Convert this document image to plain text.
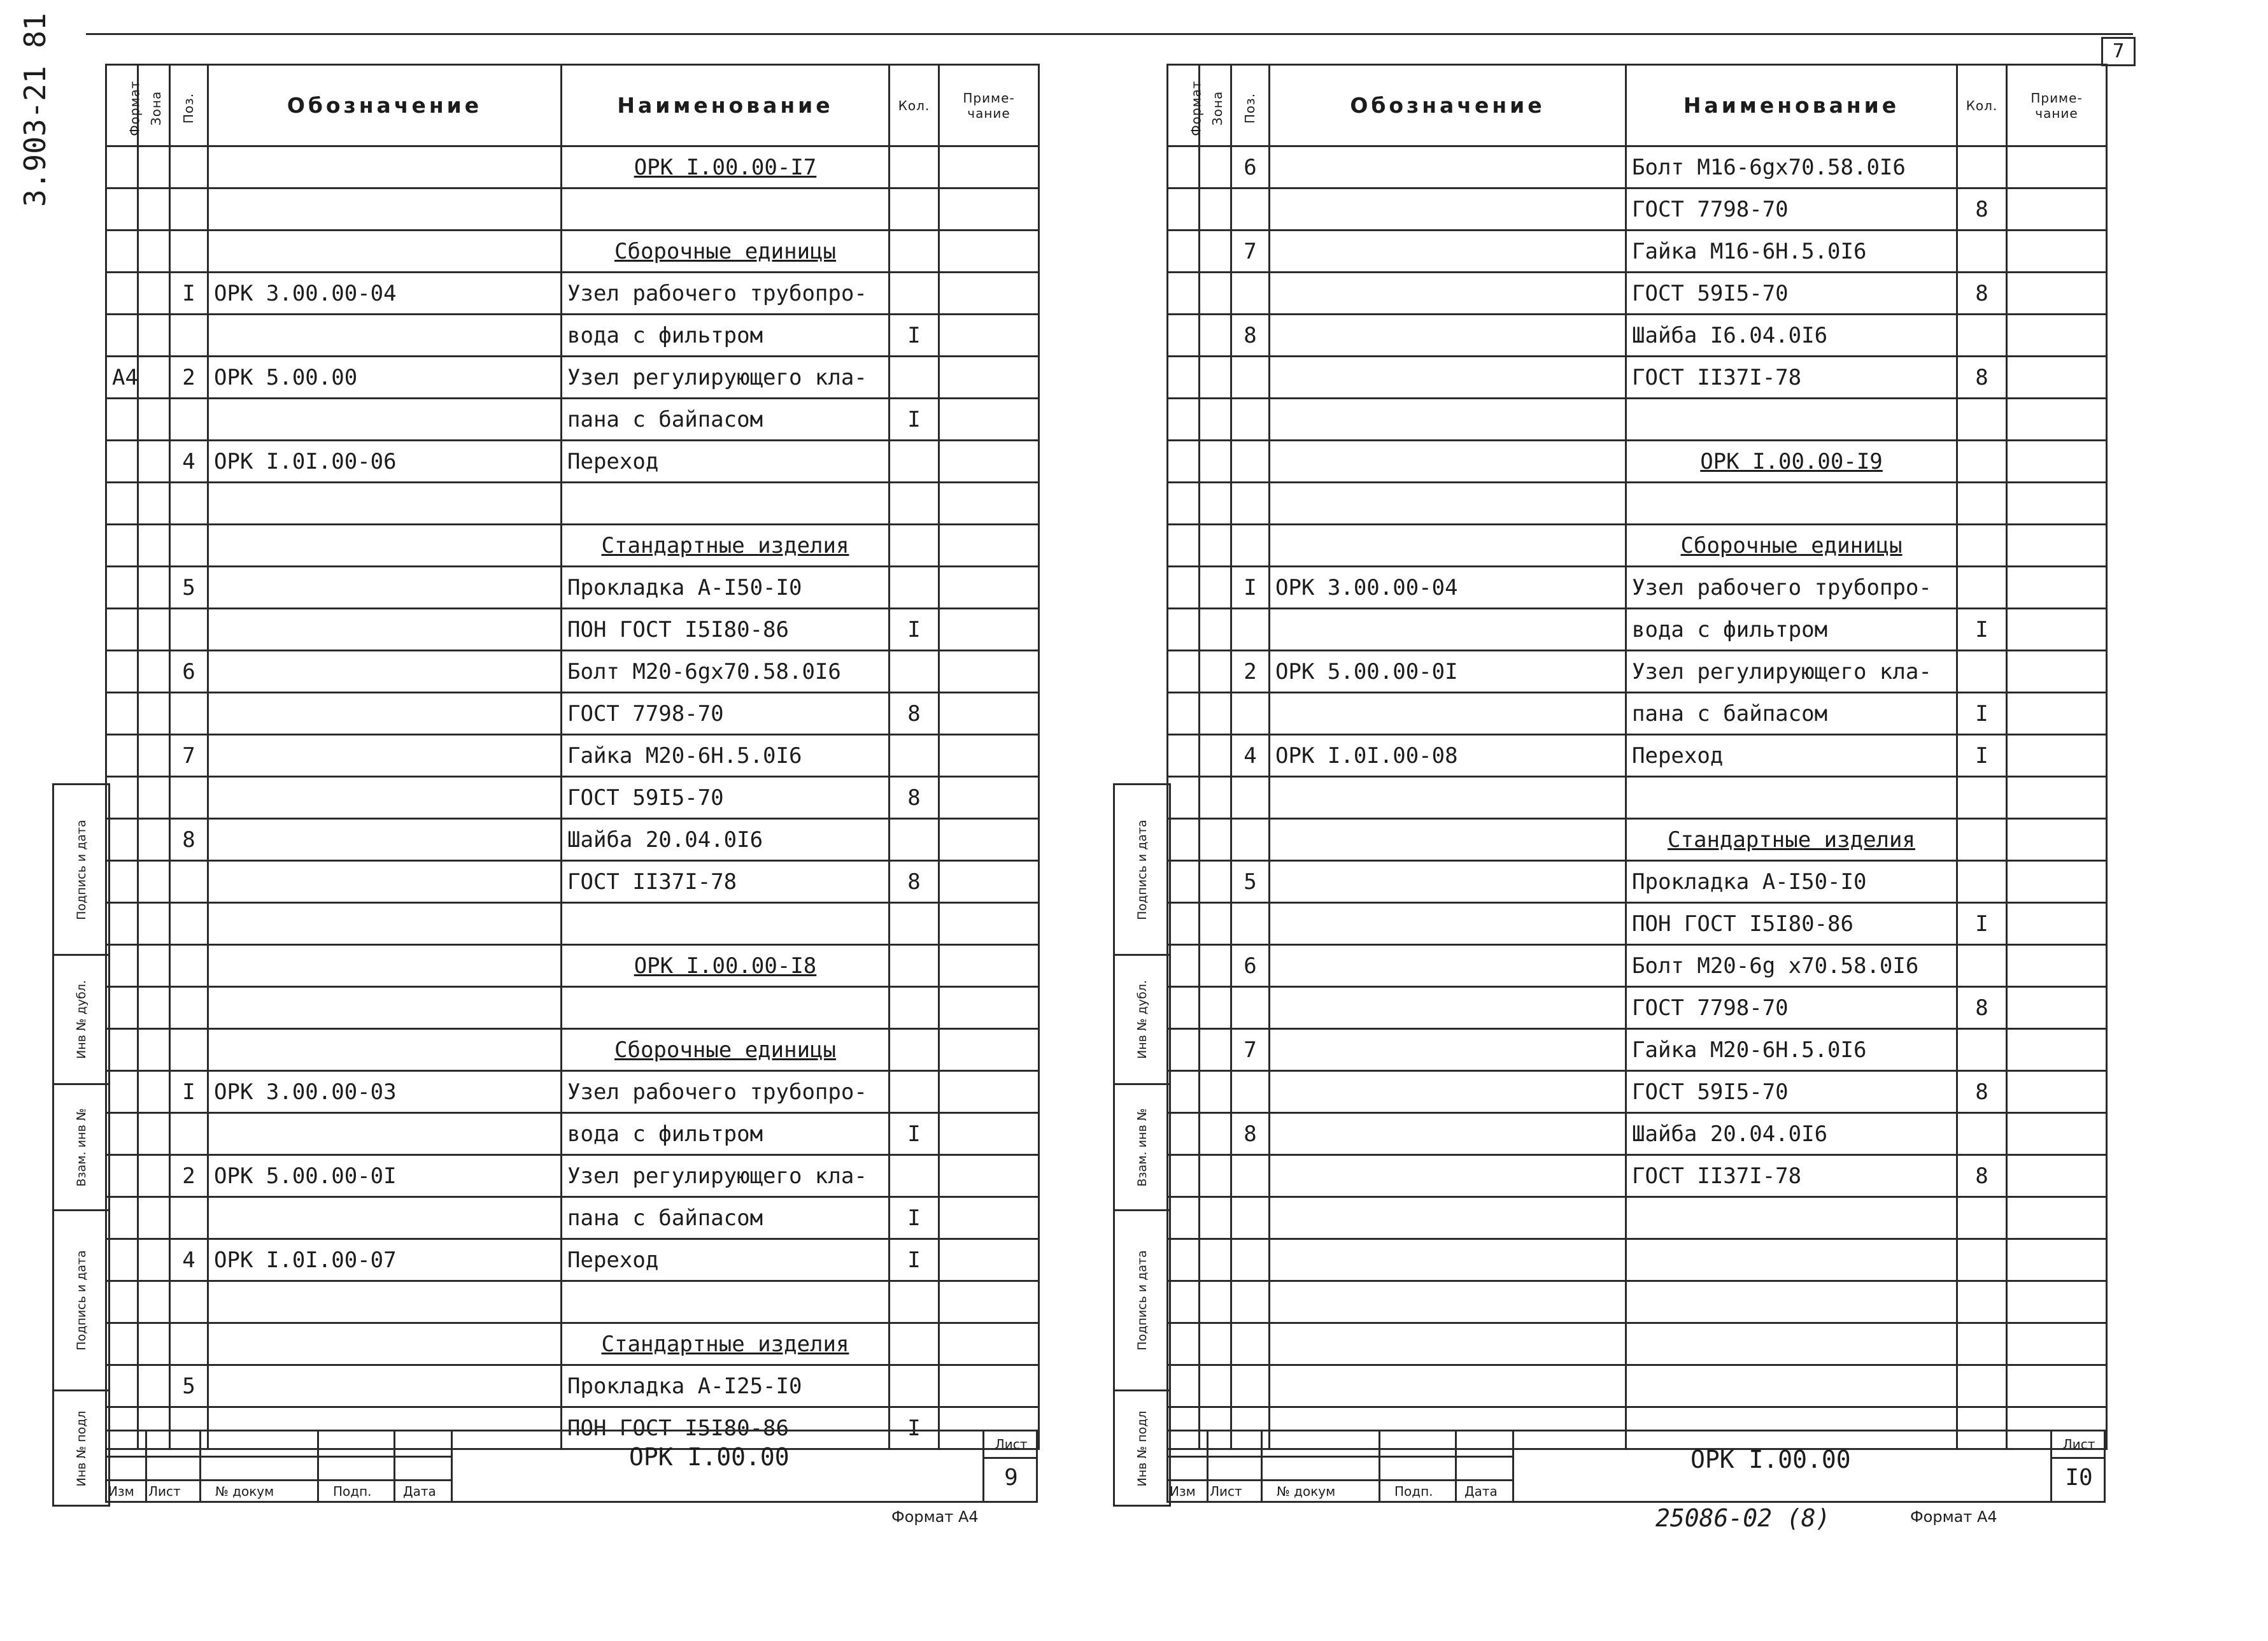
7
3.903-21 81
Подпись и дата
Инв № дубл.
Взам. инв №
Подпись и дата
Инв № подл
Подпись и дата
Инв № дубл.
Взам. инв №
Подпись и дата
Инв № подл
Формат	Зона	Поз.	Обозначение	Наименование	Кол.	Приме-чание
				ОРК I.00.00-I7		

				Сборочные единицы		
		I	ОРК 3.00.00-04	Узел рабочего трубопро-		
				вода с фильтром	I	
А4		2	ОРК 5.00.00	Узел регулирующего кла-		
				пана с байпасом	I	
		4	ОРК I.0I.00-06	Переход		

				Стандартные изделия		
		5		Прокладка А-I50-I0		
				ПОН ГОСТ I5I80-86	I	
		6		Болт М20-6gх70.58.0I6		
				ГОСТ 7798-70	8	
		7		Гайка М20-6Н.5.0I6		
				ГОСТ 59I5-70	8	
		8		Шайба 20.04.0I6		
				ГОСТ II37I-78	8	

				ОРК I.00.00-I8		

				Сборочные единицы		
		I	ОРК 3.00.00-03	Узел рабочего трубопро-		
				вода с фильтром	I	
		2	ОРК 5.00.00-0I	Узел регулирующего кла-		
				пана с байпасом	I	
		4	ОРК I.0I.00-07	Переход	I	

				Стандартные изделия		
		5		Прокладка А-I25-I0		
				ПОН ГОСТ I5I80-86	I	
Изм Лист	№ докум	Подп. Дата
ОРК I.00.00	Лист
9
Формат А4
Формат	Зона	Поз.	Обозначение	Наименование	Кол.	Приме-чание
		6		Болт М16-6gх70.58.0I6		
				ГОСТ 7798-70	8	
		7		Гайка М16-6Н.5.0I6		
				ГОСТ 59I5-70	8	
		8		Шайба I6.04.0I6		
				ГОСТ II37I-78	8	

				ОРК I.00.00-I9		

				Сборочные единицы		
		I	ОРК 3.00.00-04	Узел рабочего трубопро-		
				вода с фильтром	I	
		2	ОРК 5.00.00-0I	Узел регулирующего кла-		
				пана с байпасом	I	
		4	ОРК I.0I.00-08	Переход	I	

				Стандартные изделия		
		5		Прокладка А-I50-I0		
				ПОН ГОСТ I5I80-86	I	
		6		Болт М20-6g х70.58.0I6		
				ГОСТ 7798-70	8	
		7		Гайка М20-6Н.5.0I6		
				ГОСТ 59I5-70	8	
		8		Шайба 20.04.0I6		
				ГОСТ II37I-78	8	

Изм Лист	№ докум	Подп. Дата
ОРК I.00.00
Лист
I0
25086-02 (8)	Формат А4
